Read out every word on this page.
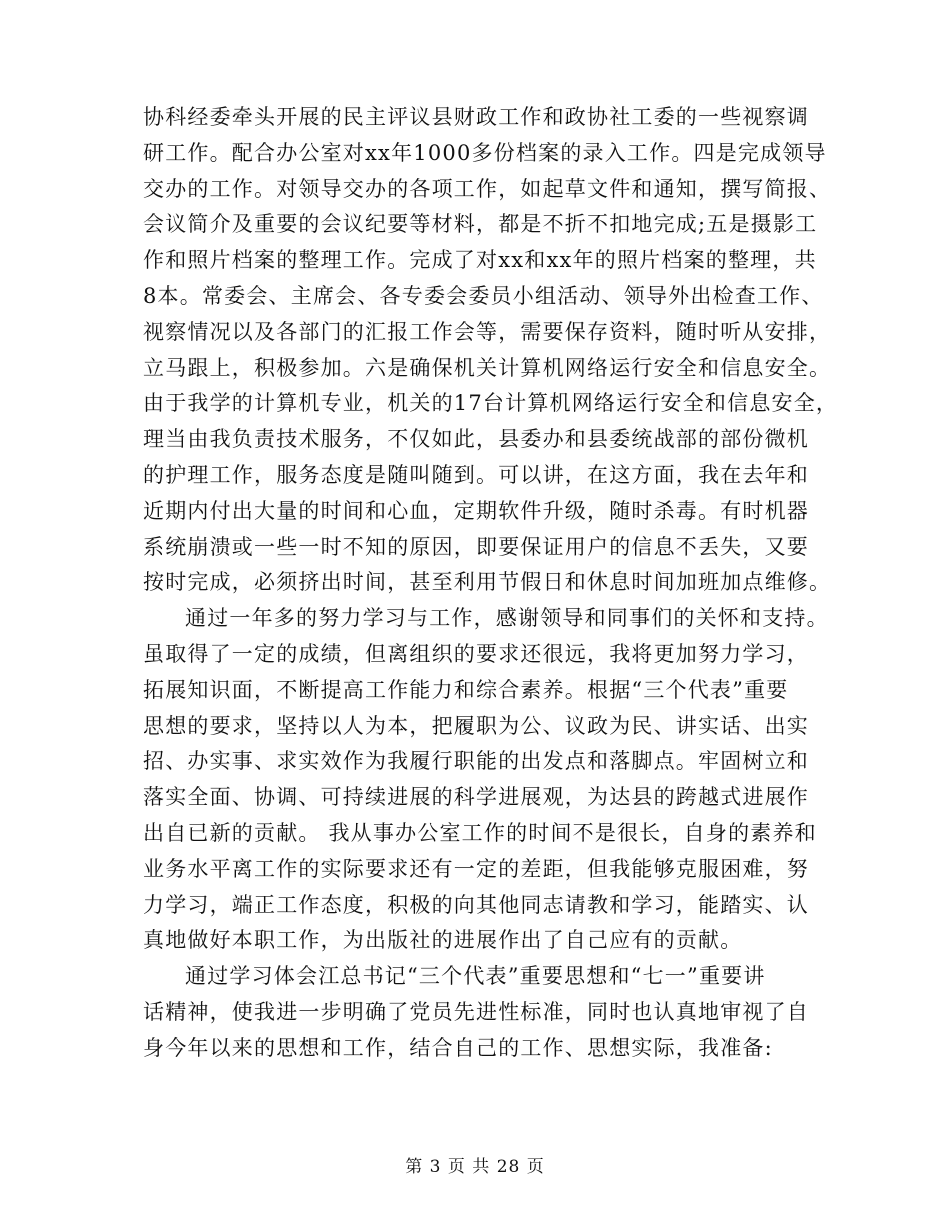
协科经委牵头开展的民主评议县财政工作和政协社工委的一些视察调
研工作。配合办公室对xx年1000多份档案的录入工作。四是完成领导
交办的工作。对领导交办的各项工作，如起草文件和通知，撰写简报、
会议简介及重要的会议纪要等材料，都是不折不扣地完成;五是摄影工
作和照片档案的整理工作。完成了对xx和xx年的照片档案的整理，共
8本。常委会、主席会、各专委会委员小组活动、领导外出检查工作、
视察情况以及各部门的汇报工作会等，需要保存资料，随时听从安排，
立马跟上，积极参加。六是确保机关计算机网络运行安全和信息安全。
由于我学的计算机专业，机关的17台计算机网络运行安全和信息安全，
理当由我负责技术服务，不仅如此，县委办和县委统战部的部份微机
的护理工作，服务态度是随叫随到。可以讲，在这方面，我在去年和
近期内付出大量的时间和心血，定期软件升级，随时杀毒。有时机器
系统崩溃或一些一时不知的原因，即要保证用户的信息不丢失，又要
按时完成，必须挤出时间，甚至利用节假日和休息时间加班加点维修。
通过一年多的努力学习与工作，感谢领导和同事们的关怀和支持。
虽取得了一定的成绩，但离组织的要求还很远，我将更加努力学习，
拓展知识面，不断提高工作能力和综合素养。根据“三个代表”重要
思想的要求，坚持以人为本，把履职为公、议政为民、讲实话、出实
招、办实事、求实效作为我履行职能的出发点和落脚点。牢固树立和
落实全面、协调、可持续进展的科学进展观，为达县的跨越式进展作
出自已新的贡献。 我从事办公室工作的时间不是很长，自身的素养和
业务水平离工作的实际要求还有一定的差距，但我能够克服困难，努
力学习，端正工作态度，积极的向其他同志请教和学习，能踏实、认
真地做好本职工作，为出版社的进展作出了自己应有的贡献。
通过学习体会江总书记“三个代表”重要思想和“七一”重要讲
话精神，使我进一步明确了党员先进性标准，同时也认真地审视了自
身今年以来的思想和工作，结合自己的工作、思想实际，我准备:
第 3 页 共 28 页
